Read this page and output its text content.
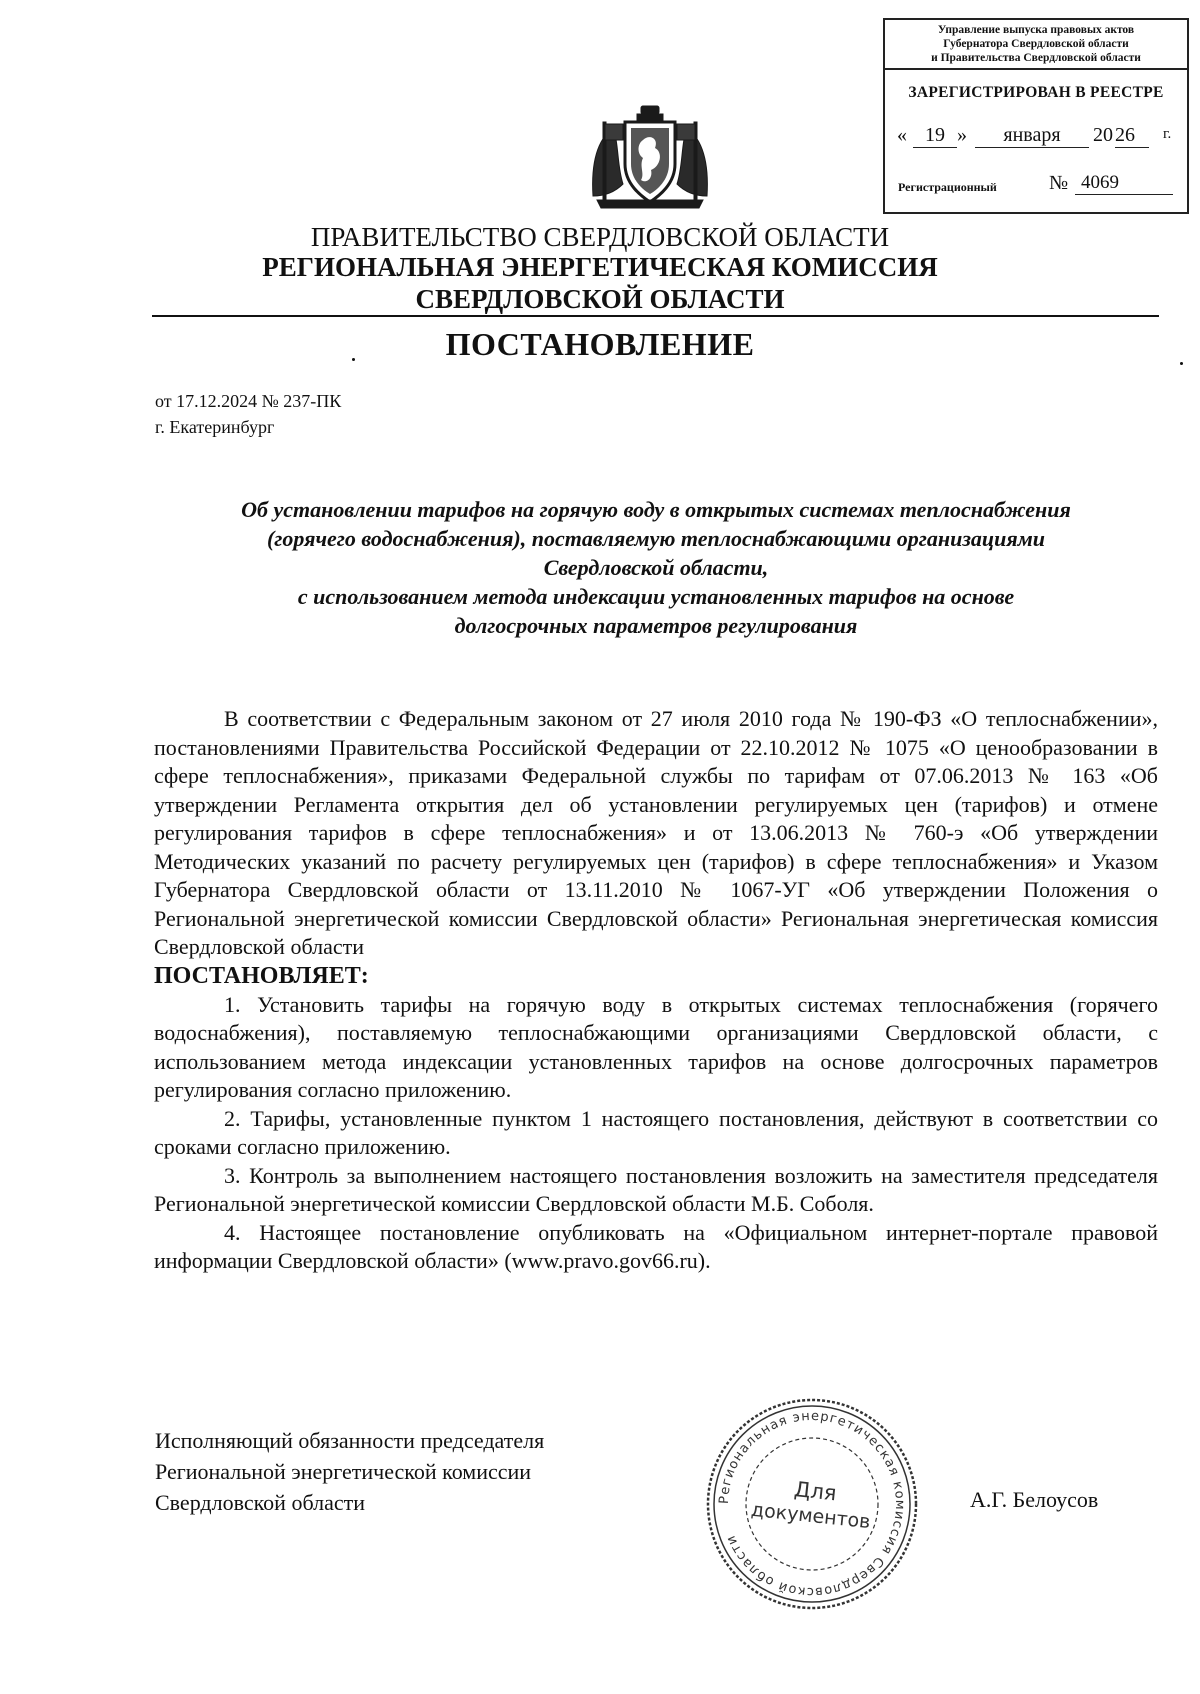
Управление выпуска правовых актов
Губернатора Свердловской области
и Правительства Свердловской области
ЗАРЕГИСТРИРОВАН В РЕЕСТРЕ
« 19 »	января	20 26	г.
Регистрационный	№ 4069
ПРАВИТЕЛЬСТВО СВЕРДЛОВСКОЙ ОБЛАСТИ
РЕГИОНАЛЬНАЯ ЭНЕРГЕТИЧЕСКАЯ КОМИССИЯ
СВЕРДЛОВСКОЙ ОБЛАСТИ
ПОСТАНОВЛЕНИЕ
от 17.12.2024 № 237-ПК
г. Екатеринбург
Об установлении тарифов на горячую воду в открытых системах теплоснабжения
(горячего водоснабжения), поставляемую теплоснабжающими организациями
Свердловской области,
с использованием метода индексации установленных тарифов на основе
долгосрочных параметров регулирования

В соответствии с Федеральным законом от 27 июля 2010 года № 190-ФЗ «О теплоснабжении», постановлениями Правительства Российской Федерации от 22.10.2012 № 1075 «О ценообразовании в сфере теплоснабжения», приказами Федеральной службы по тарифам от 07.06.2013 № 163 «Об утверждении Регламента открытия дел об установлении регулируемых цен (тарифов) и отмене регулирования тарифов в сфере теплоснабжения» и от 13.06.2013 № 760-э «Об утверждении Методических указаний по расчету регулируемых цен (тарифов) в сфере теплоснабжения» и Указом Губернатора Свердловской области от 13.11.2010 № 1067-УГ «Об утверждении Положения о Региональной энергетической комиссии Свердловской области» Региональная энергетическая комиссия Свердловской области

ПОСТАНОВЛЯЕТ:

1. Установить тарифы на горячую воду в открытых системах теплоснабжения (горячего водоснабжения), поставляемую теплоснабжающими организациями Свердловской области, с использованием метода индексации установленных тарифов на основе долгосрочных параметров регулирования согласно приложению.

2. Тарифы, установленные пунктом 1 настоящего постановления, действуют в соответствии со сроками согласно приложению.

3. Контроль за выполнением настоящего постановления возложить на заместителя председателя Региональной энергетической комиссии Свердловской области М.Б. Соболя.

4. Настоящее постановление опубликовать на «Официальном интернет-портале правовой информации Свердловской области» (www.pravo.gov66.ru).

Исполняющий обязанности председателя
Региональной энергетической комиссии
Свердловской области	А.Г. Белоусов
Региональная энергетическая комиссия Свердловской области
Для
документов
